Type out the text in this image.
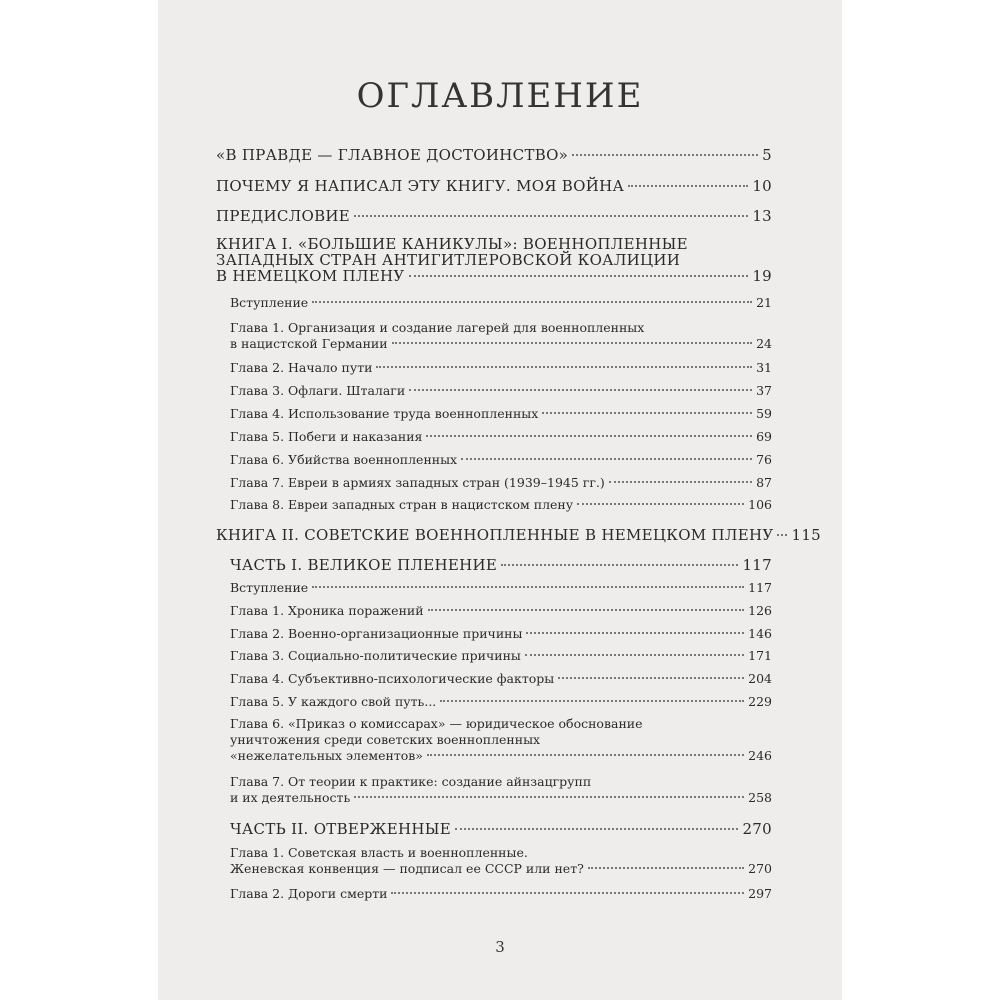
ОГЛАВЛЕНИЕ
«В ПРАВДЕ — ГЛАВНОЕ ДОСТОИНСТВО»	5
ПОЧЕМУ Я НАПИСАЛ ЭТУ КНИГУ. МОЯ ВОЙНА	10
ПРЕДИСЛОВИЕ	13
КНИГА I. «БОЛЬШИЕ КАНИКУЛЫ»: ВОЕННОПЛЕННЫЕ
ЗАПАДНЫХ СТРАН АНТИГИТЛЕРОВСКОЙ КОАЛИЦИИ
В НЕМЕЦКОМ ПЛЕНУ	19
Вступление	21
Глава 1. Организация и создание лагерей для военнопленных
в нацистской Германии	24
Глава 2. Начало пути	31
Глава 3. Офлаги. Шталаги	37
Глава 4. Использование труда военнопленных	59
Глава 5. Побеги и наказания	69
Глава 6. Убийства военнопленных	76
Глава 7. Евреи в армиях западных стран (1939–1945 гг.)	87
Глава 8. Евреи западных стран в нацистском плену	106
КНИГА II. СОВЕТСКИЕ ВОЕННОПЛЕННЫЕ В НЕМЕЦКОМ ПЛЕНУ 115
ЧАСТЬ I. ВЕЛИКОЕ ПЛЕНЕНИЕ	117
Вступление	117
Глава 1. Хроника поражений	126
Глава 2. Военно-организационные причины	146
Глава 3. Социально-политические причины	171
Глава 4. Субъективно-психологические факторы	204
Глава 5. У каждого свой путь...	229
Глава 6. «Приказ о комиссарах» — юридическое обоснование
уничтожения среди советских военнопленных
«нежелательных элементов»	246
Глава 7. От теории к практике: создание айнзацгрупп
и их деятельность	258
ЧАСТЬ II. ОТВЕРЖЕННЫЕ	270
Глава 1. Советская власть и военнопленные.
Женевская конвенция — подписал ее СССР или нет?	270
Глава 2. Дороги смерти	297
3
